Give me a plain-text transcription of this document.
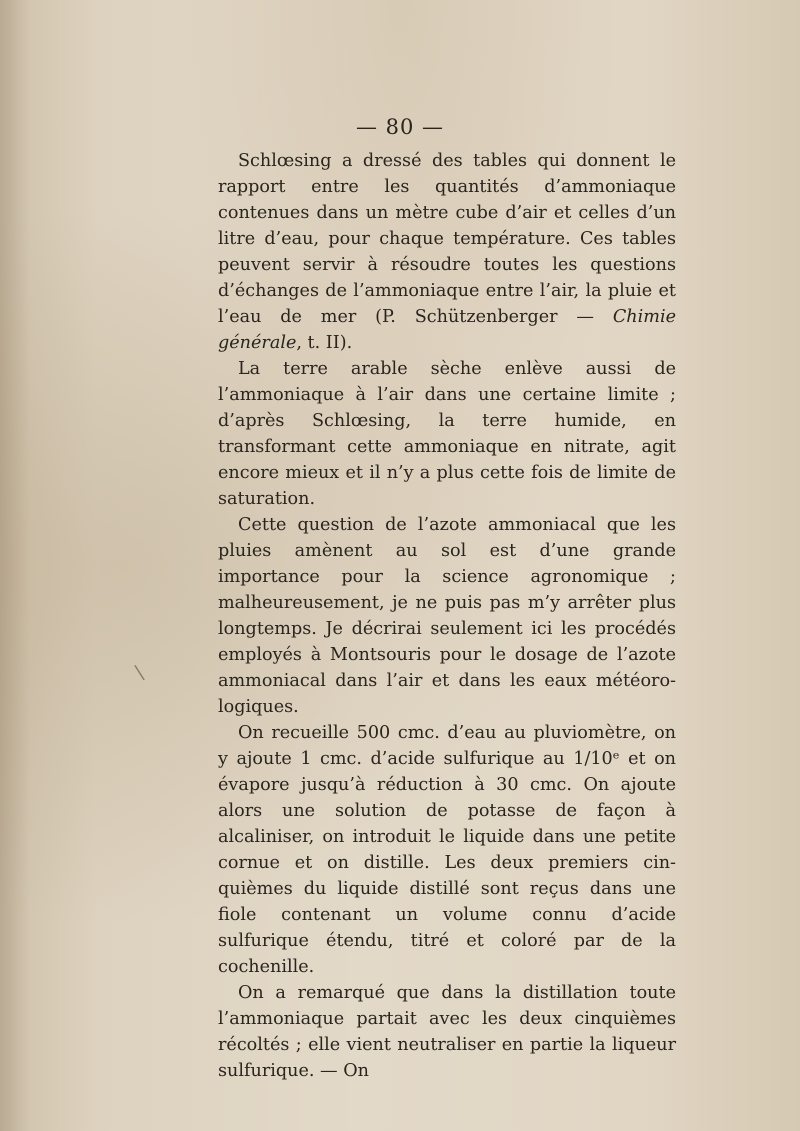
— 80 —
\

Schlœsing a dressé des tables qui donnent le rapport entre les quantités d’ammoniaque contenues dans un mètre cube d’air et celles d’un litre d’eau, pour chaque température. Ces tables peuvent servir à résoudre toutes les questions d’échanges de l’ammoniaque entre l’air, la pluie et l’eau de mer (P. Schützenberger — Chimie générale, t. II).

La terre arable sèche enlève aussi de l’ammoniaque à l’air dans une certaine limite ; d’après Schlœsing, la terre humide, en transformant cette ammoniaque en nitrate, agit encore mieux et il n’y a plus cette fois de limite de saturation.

Cette question de l’azote ammoniacal que les pluies amènent au sol est d’une grande importance pour la science agronomique ; malheureusement, je ne puis pas m’y arrêter plus longtemps. Je décrirai seulement ici les procédés employés à Montsouris pour le dosage de l’azote ammoniacal dans l’air et dans les eaux météorologiques.

On recueille 500 cmc. d’eau au pluviomètre, on y ajoute 1 cmc. d’acide sulfurique au 1/10ᵉ et on évapore jusqu’à réduction à 30 cmc. On ajoute alors une solution de potasse de façon à alcaliniser, on introduit le liquide dans une petite cornue et on distille. Les deux premiers cinquièmes du liquide distillé sont reçus dans une fiole contenant un volume connu d’acide sulfurique étendu, titré et coloré par de la cochenille.

On a remarqué que dans la distillation toute l’ammoniaque partait avec les deux cinquièmes récoltés ; elle vient neutraliser en partie la liqueur sulfurique. — On
